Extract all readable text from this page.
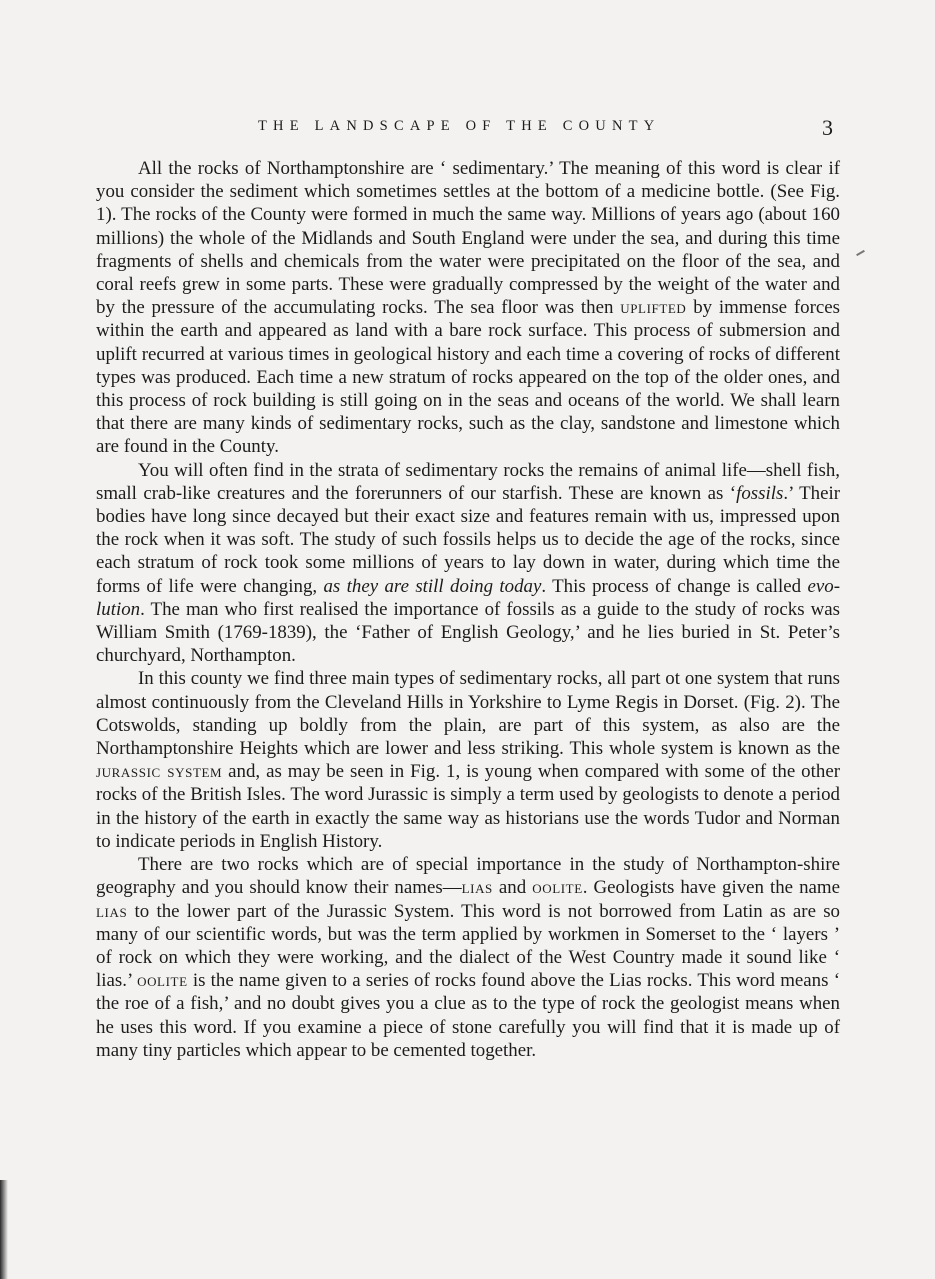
THE LANDSCAPE OF THE COUNTY	3

All the rocks of Northamptonshire are ‘ sedimentary.’ The meaning of this word is clear if you consider the sediment which sometimes settles at the bottom of a medicine bottle. (See Fig. 1). The rocks of the County were formed in much the same way. Millions of years ago (about 160 millions) the whole of the Midlands and South England were under the sea, and during this time fragments of shells and chemicals from the water were precipitated on the floor of the sea, and coral reefs grew in some parts. These were gradually compressed by the weight of the water and by the pressure of the accumulating rocks. The sea floor was then uplifted by immense forces within the earth and appeared as land with a bare rock surface. This process of submersion and uplift recurred at various times in geological history and each time a covering of rocks of different types was produced. Each time a new stratum of rocks appeared on the top of the older ones, and this process of rock building is still going on in the seas and oceans of the world. We shall learn that there are many kinds of sedimentary rocks, such as the clay, sandstone and limestone which are found in the County.

You will often find in the strata of sedimentary rocks the remains of animal life—shell fish, small crab-like creatures and the forerunners of our starfish. These are known as ‘fossils.’ Their bodies have long since decayed but their exact size and features remain with us, impressed upon the rock when it was soft. The study of such fossils helps us to decide the age of the rocks, since each stratum of rock took some millions of years to lay down in water, during which time the forms of life were changing, as they are still doing today. This process of change is called evo-lution. The man who first realised the importance of fossils as a guide to the study of rocks was William Smith (1769-1839), the ‘Father of English Geology,’ and he lies buried in St. Peter’s churchyard, Northampton.

In this county we find three main types of sedimentary rocks, all part ot one system that runs almost continuously from the Cleveland Hills in Yorkshire to Lyme Regis in Dorset. (Fig. 2). The Cotswolds, standing up boldly from the plain, are part of this system, as also are the Northamptonshire Heights which are lower and less striking. This whole system is known as the jurassic system and, as may be seen in Fig. 1, is young when compared with some of the other rocks of the British Isles. The word Jurassic is simply a term used by geologists to denote a period in the history of the earth in exactly the same way as historians use the words Tudor and Norman to indicate periods in English History.

There are two rocks which are of special importance in the study of Northampton-shire geography and you should know their names—lias and oolite. Geologists have given the name lias to the lower part of the Jurassic System. This word is not borrowed from Latin as are so many of our scientific words, but was the term applied by workmen in Somerset to the ‘ layers ’ of rock on which they were working, and the dialect of the West Country made it sound like ‘ lias.’ oolite is the name given to a series of rocks found above the Lias rocks. This word means ‘ the roe of a fish,’ and no doubt gives you a clue as to the type of rock the geologist means when he uses this word. If you examine a piece of stone carefully you will find that it is made up of many tiny particles which appear to be cemented together.
